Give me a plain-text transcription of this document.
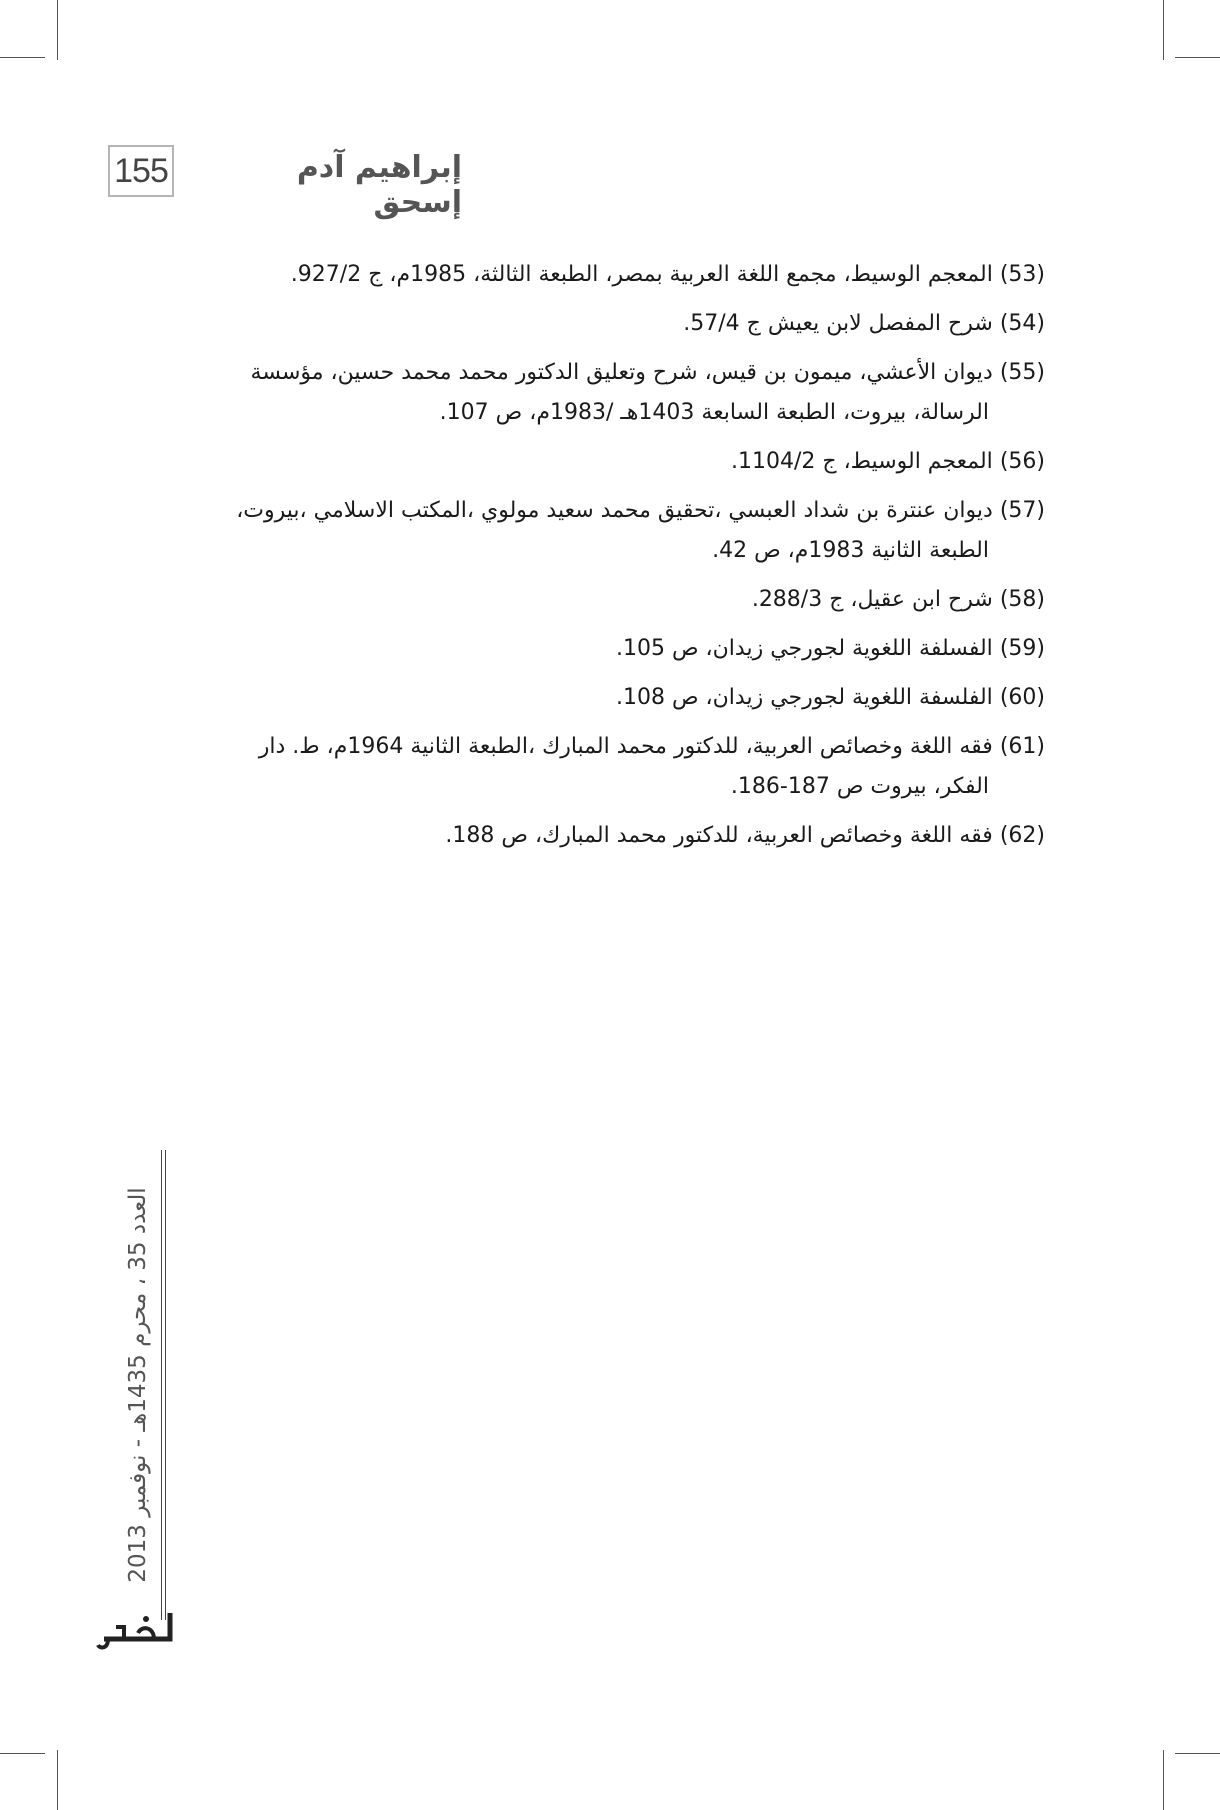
155	إبراهيم آدم إسحق
(53) المعجم الوسيط، مجمع اللغة العربية بمصر، الطبعة الثالثة، 1985م، ج 927/2.
(54) شرح المفصل لابن يعيش ج 57/4.
(55) ديوان الأعشي، ميمون بن قيس، شرح وتعليق الدكتور محمد محمد حسين، مؤسسة
الرسالة، بيروت، الطبعة السابعة 1403هـ /1983م، ص 107.
(56) المعجم الوسيط، ج 1104/2.
(57) ديوان عنترة بن شداد العبسي ،تحقيق محمد سعيد مولوي ،المكتب الاسلامي ،بيروت،
الطبعة الثانية 1983م، ص 42.
(58) شرح ابن عقيل، ج 288/3.
(59) الفسلفة اللغوية لجورجي زيدان، ص 105.
(60) الفلسفة اللغوية لجورجي زيدان، ص 108.
(61) فقه اللغة وخصائص العربية، للدكتور محمد المبارك ،الطبعة الثانية 1964م، ط. دار
الفكر، بيروت ص 187-186.
(62) فقه اللغة وخصائص العربية، للدكتور محمد المبارك، ص 188.
العدد 35 ، محرم 1435هـ - نوفمبر 2013
